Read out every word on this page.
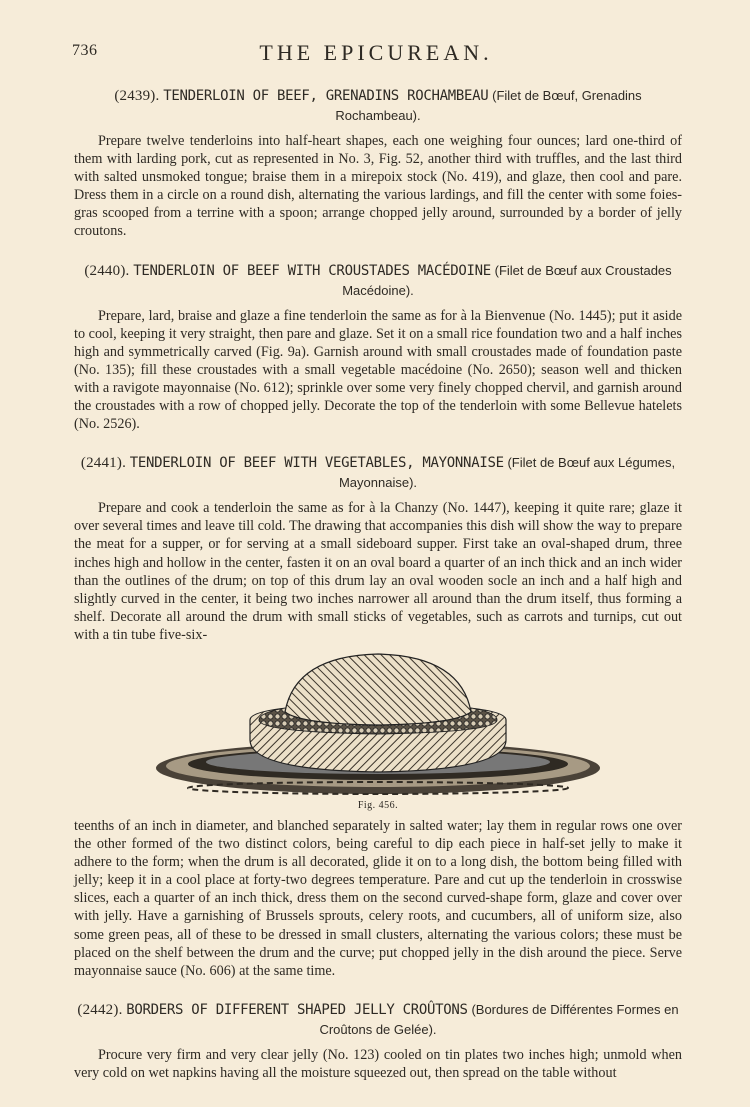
736	THE EPICUREAN.
(2439). TENDERLOIN OF BEEF, GRENADINS ROCHAMBEAU (Filet de Bœuf, Grenadins Rochambeau).

Prepare twelve tenderloins into half-heart shapes, each one weighing four ounces; lard one-third of them with larding pork, cut as represented in No. 3, Fig. 52, another third with truffles, and the last third with salted unsmoked tongue; braise them in a mirepoix stock (No. 419), and glaze, then cool and pare. Dress them in a circle on a round dish, alternating the various lardings, and fill the center with some foies-gras scooped from a terrine with a spoon; arrange chopped jelly around, surrounded by a border of jelly croutons.

(2440). TENDERLOIN OF BEEF WITH CROUSTADES MACÉDOINE (Filet de Bœuf aux Croustades Macédoine).

Prepare, lard, braise and glaze a fine tenderloin the same as for à la Bienvenue (No. 1445); put it aside to cool, keeping it very straight, then pare and glaze. Set it on a small rice foundation two and a half inches high and symmetrically carved (Fig. 9a). Garnish around with small croustades made of foundation paste (No. 135); fill these croustades with a small vegetable macédoine (No. 2650); season well and thicken with a ravigote mayonnaise (No. 612); sprinkle over some very finely chopped chervil, and garnish around the croustades with a row of chopped jelly. Decorate the top of the tenderloin with some Bellevue hatelets (No. 2526).

(2441). TENDERLOIN OF BEEF WITH VEGETABLES, MAYONNAISE (Filet de Bœuf aux Légumes, Mayonnaise).

Prepare and cook a tenderloin the same as for à la Chanzy (No. 1447), keeping it quite rare; glaze it over several times and leave till cold. The drawing that accompanies this dish will show the way to prepare the meat for a supper, or for serving at a small sideboard supper. First take an oval-shaped drum, three inches high and hollow in the center, fasten it on an oval board a quarter of an inch thick and an inch wider than the outlines of the drum; on top of this drum lay an oval wooden socle an inch and a half high and slightly curved in the center, it being two inches narrower all around than the drum itself, thus forming a shelf. Decorate all around the drum with small sticks of vegetables, such as carrots and turnips, cut out with a tin tube five-six-

Fig. 456.

teenths of an inch in diameter, and blanched separately in salted water; lay them in regular rows one over the other formed of the two distinct colors, being careful to dip each piece in half-set jelly to make it adhere to the form; when the drum is all decorated, glide it on to a long dish, the bottom being filled with jelly; keep it in a cool place at forty-two degrees temperature. Pare and cut up the tenderloin in crosswise slices, each a quarter of an inch thick, dress them on the second curved-shape form, glaze and cover over with jelly. Have a garnishing of Brussels sprouts, celery roots, and cucumbers, all of uniform size, also some green peas, all of these to be dressed in small clusters, alternating the various colors; these must be placed on the shelf between the drum and the curve; put chopped jelly in the dish around the piece. Serve mayonnaise sauce (No. 606) at the same time.

(2442). BORDERS OF DIFFERENT SHAPED JELLY CROÛTONS (Bordures de Différentes Formes en Croûtons de Gelée).

Procure very firm and very clear jelly (No. 123) cooled on tin plates two inches high; unmold when very cold on wet napkins having all the moisture squeezed out, then spread on the table without
